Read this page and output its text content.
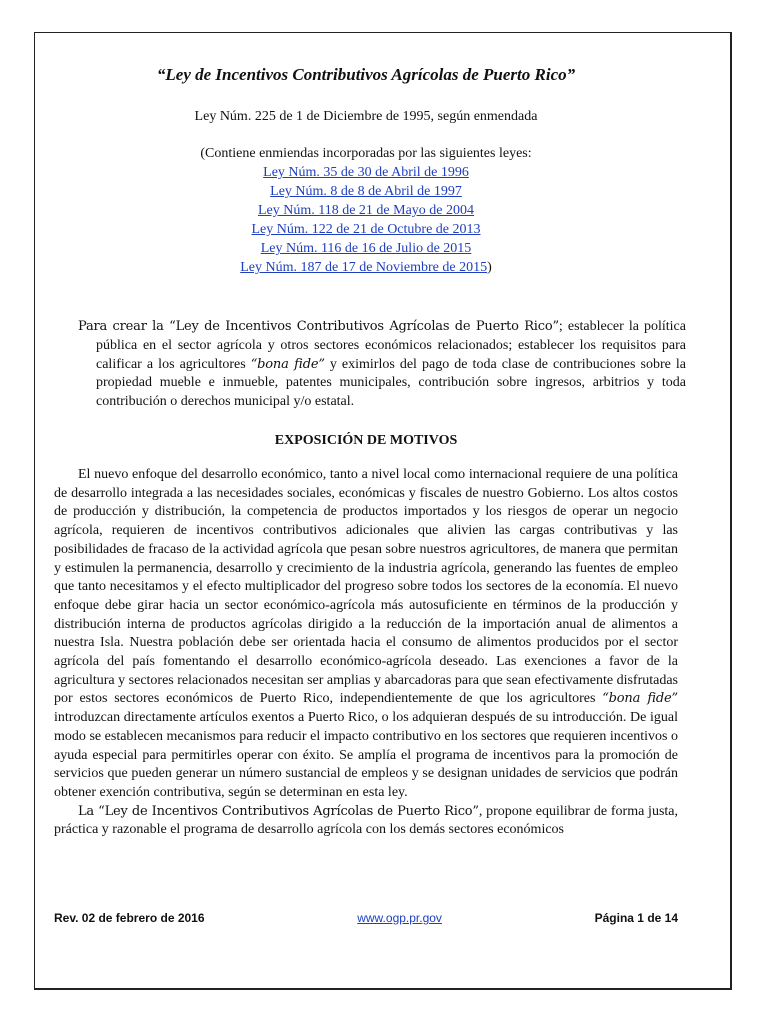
“Ley de Incentivos Contributivos Agrícolas de Puerto Rico”

Ley Núm. 225 de 1 de Diciembre de 1995, según enmendada

(Contiene enmiendas incorporadas por las siguientes leyes:

Ley Núm. 35 de 30 de Abril de 1996
Ley Núm. 8 de 8 de Abril de 1997
Ley Núm. 118 de 21 de Mayo de 2004
Ley Núm. 122 de 21 de Octubre de 2013
Ley Núm. 116 de 16 de Julio de 2015
Ley Núm. 187 de 17 de Noviembre de 2015)

Para crear la “Ley de Incentivos Contributivos Agrícolas de Puerto Rico”; establecer la política pública en el sector agrícola y otros sectores económicos relacionados; establecer los requisitos para calificar a los agricultores “bona fide” y eximirlos del pago de toda clase de contribuciones sobre la propiedad mueble e inmueble, patentes municipales, contribución sobre ingresos, arbitrios y toda contribución o derechos municipal y/o estatal.

EXPOSICIÓN DE MOTIVOS

El nuevo enfoque del desarrollo económico, tanto a nivel local como internacional requiere de una política de desarrollo integrada a las necesidades sociales, económicas y fiscales de nuestro Gobierno. Los altos costos de producción y distribución, la competencia de productos importados y los riesgos de operar un negocio agrícola, requieren de incentivos contributivos adicionales que alivien las cargas contributivas y las posibilidades de fracaso de la actividad agrícola que pesan sobre nuestros agricultores, de manera que permitan y estimulen la permanencia, desarrollo y crecimiento de la industria agrícola, generando las fuentes de empleo que tanto necesitamos y el efecto multiplicador del progreso sobre todos los sectores de la economía. El nuevo enfoque debe girar hacia un sector económico-agrícola más autosuficiente en términos de la producción y distribución interna de productos agrícolas dirigido a la reducción de la importación anual de alimentos a nuestra Isla. Nuestra población debe ser orientada hacia el consumo de alimentos producidos por el sector agrícola del país fomentando el desarrollo económico-agrícola deseado. Las exenciones a favor de la agricultura y sectores relacionados necesitan ser amplias y abarcadoras para que sean efectivamente disfrutadas por estos sectores económicos de Puerto Rico, independientemente de que los agricultores “bona fide” introduzcan directamente artículos exentos a Puerto Rico, o los adquieran después de su introducción. De igual modo se establecen mecanismos para reducir el impacto contributivo en los sectores que requieren incentivos o ayuda especial para permitirles operar con éxito. Se amplía el programa de incentivos para la promoción de servicios que pueden generar un número sustancial de empleos y se designan unidades de servicios que podrán obtener exención contributiva, según se determinan en esta ley.

La “Ley de Incentivos Contributivos Agrícolas de Puerto Rico”, propone equilibrar de forma justa, práctica y razonable el programa de desarrollo agrícola con los demás sectores económicos

Rev. 02 de febrero de 2016	www.ogp.pr.gov	Página 1 de 14
